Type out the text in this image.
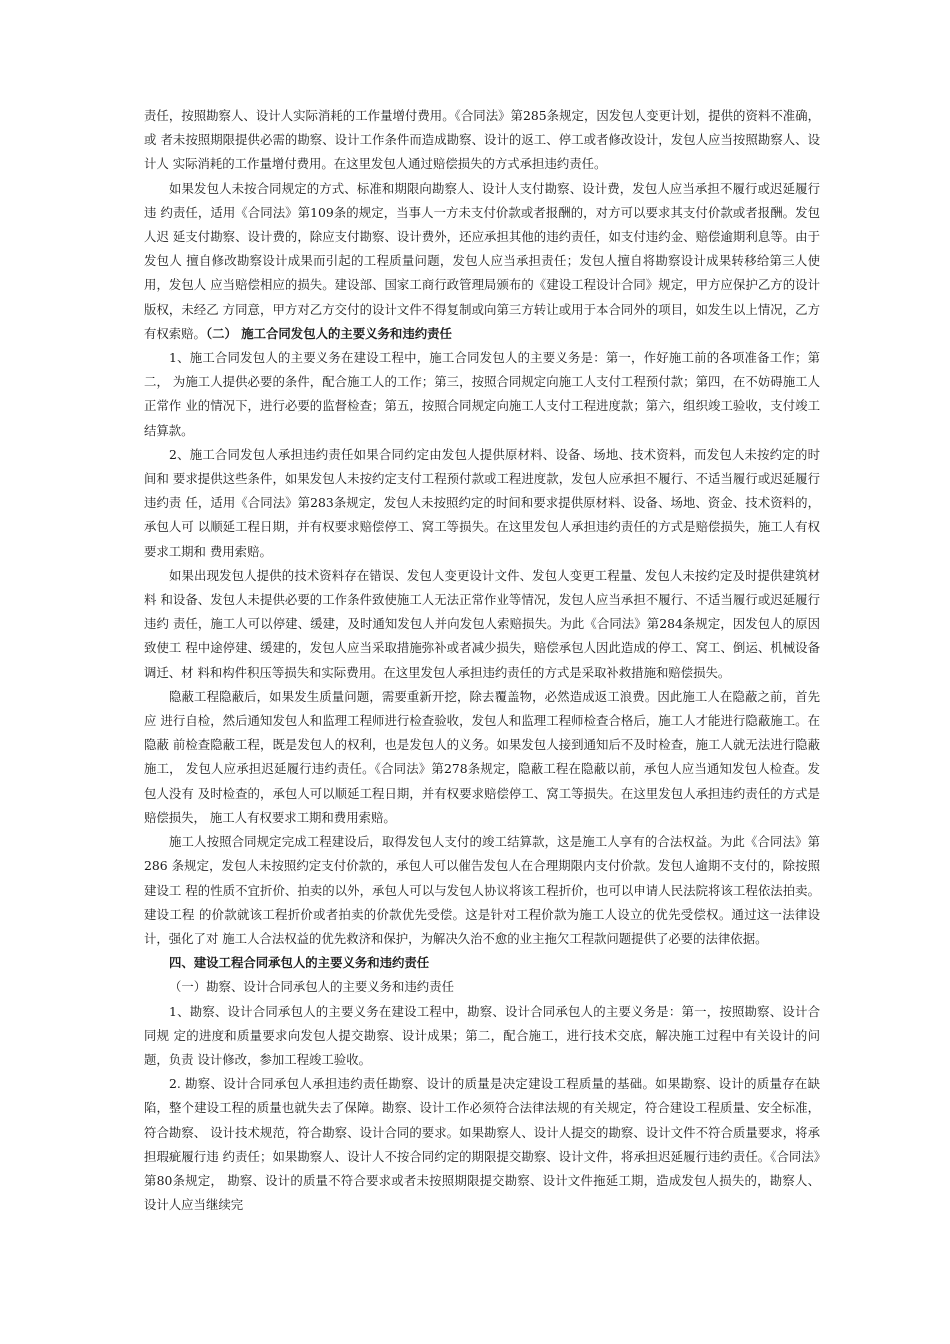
责任，按照勘察人、设计人实际消耗的工作量增付费用。《合同法》第285条规定，因发包人变更计划，提供的资料不准确，或 者未按照期限提供必需的勘察、设计工作条件而造成勘察、设计的返工、停工或者修改设计，发包人应当按照勘察人、设计人 实际消耗的工作量增付费用。在这里发包人通过赔偿损失的方式承担违约责任。

如果发包人未按合同规定的方式、标准和期限向勘察人、设计人支付勘察、设计费，发包人应当承担不履行或迟延履行违 约责任，适用《合同法》第109条的规定，当事人一方未支付价款或者报酬的，对方可以要求其支付价款或者报酬。发包人迟 延支付勘察、设计费的，除应支付勘察、设计费外，还应承担其他的违约责任，如支付违约金、赔偿逾期利息等。由于发包人 擅自修改勘察设计成果而引起的工程质量问题，发包人应当承担责任；发包人擅自将勘察设计成果转移给第三人使用，发包人 应当赔偿相应的损失。建设部、国家工商行政管理局颁布的《建设工程设计合同》规定，甲方应保护乙方的设计版权，未经乙 方同意，甲方对乙方交付的设计文件不得复制或向第三方转让或用于本合同外的项目，如发生以上情况，乙方有权索赔。（二） 施工合同发包人的主要义务和违约责任

1、施工合同发包人的主要义务在建设工程中，施工合同发包人的主要义务是：第一，作好施工前的各项准备工作；第二， 为施工人提供必要的条件，配合施工人的工作；第三，按照合同规定向施工人支付工程预付款；第四，在不妨碍施工人正常作 业的情况下，进行必要的监督检查；第五，按照合同规定向施工人支付工程进度款；第六，组织竣工验收，支付竣工结算款。

2、施工合同发包人承担违约责任如果合同约定由发包人提供原材料、设备、场地、技术资料，而发包人未按约定的时间和 要求提供这些条件，如果发包人未按约定支付工程预付款或工程进度款，发包人应承担不履行、不适当履行或迟延履行违约责 任，适用《合同法》第283条规定，发包人未按照约定的时间和要求提供原材料、设备、场地、资金、技术资料的，承包人可 以顺延工程日期，并有权要求赔偿停工、窝工等损失。在这里发包人承担违约责任的方式是赔偿损失，施工人有权要求工期和 费用索赔。

如果出现发包人提供的技术资料存在错误、发包人变更设计文件、发包人变更工程量、发包人未按约定及时提供建筑材料 和设备、发包人未提供必要的工作条件致使施工人无法正常作业等情况，发包人应当承担不履行、不适当履行或迟延履行违约 责任，施工人可以停建、缓建，及时通知发包人并向发包人索赔损失。为此《合同法》第284条规定，因发包人的原因致使工 程中途停建、缓建的，发包人应当采取措施弥补或者减少损失，赔偿承包人因此造成的停工、窝工、倒运、机械设备调迁、材 料和构件积压等损失和实际费用。在这里发包人承担违约责任的方式是采取补救措施和赔偿损失。

隐蔽工程隐蔽后，如果发生质量问题，需要重新开挖，除去覆盖物，必然造成返工浪费。因此施工人在隐蔽之前，首先应 进行自检，然后通知发包人和监理工程师进行检查验收，发包人和监理工程师检查合格后，施工人才能进行隐蔽施工。在隐蔽 前检查隐蔽工程，既是发包人的权利，也是发包人的义务。如果发包人接到通知后不及时检查，施工人就无法进行隐蔽施工， 发包人应承担迟延履行违约责任。《合同法》第278条规定，隐蔽工程在隐蔽以前，承包人应当通知发包人检查。发包人没有 及时检查的，承包人可以顺延工程日期，并有权要求赔偿停工、窝工等损失。在这里发包人承担违约责任的方式是赔偿损失， 施工人有权要求工期和费用索赔。

施工人按照合同规定完成工程建设后，取得发包人支付的竣工结算款，这是施工人享有的合法权益。为此《合同法》第 286 条规定，发包人未按照约定支付价款的，承包人可以催告发包人在合理期限内支付价款。发包人逾期不支付的，除按照建设工 程的性质不宜折价、拍卖的以外，承包人可以与发包人协议将该工程折价，也可以申请人民法院将该工程依法拍卖。建设工程 的价款就该工程折价或者拍卖的价款优先受偿。这是针对工程价款为施工人设立的优先受偿权。通过这一法律设计，强化了对 施工人合法权益的优先救济和保护，为解决久治不愈的业主拖欠工程款问题提供了必要的法律依据。

四、建设工程合同承包人的主要义务和违约责任

（一）勘察、设计合同承包人的主要义务和违约责任

1、勘察、设计合同承包人的主要义务在建设工程中，勘察、设计合同承包人的主要义务是：第一，按照勘察、设计合同规 定的进度和质量要求向发包人提交勘察、设计成果；第二，配合施工，进行技术交底，解决施工过程中有关设计的问题，负责 设计修改，参加工程竣工验收。

2. 勘察、设计合同承包人承担违约责任勘察、设计的质量是决定建设工程质量的基础。如果勘察、设计的质量存在缺陷，整个建设工程的质量也就失去了保障。勘察、设计工作必须符合法律法规的有关规定，符合建设工程质量、安全标准，符合勘察、 设计技术规范，符合勘察、设计合同的要求。如果勘察人、设计人提交的勘察、设计文件不符合质量要求，将承担瑕疵履行违 约责任；如果勘察人、设计人不按合同约定的期限提交勘察、设计文件，将承担迟延履行违约责任。《合同法》第80条规定， 勘察、设计的质量不符合要求或者未按照期限提交勘察、设计文件拖延工期，造成发包人损失的，勘察人、设计人应当继续完
